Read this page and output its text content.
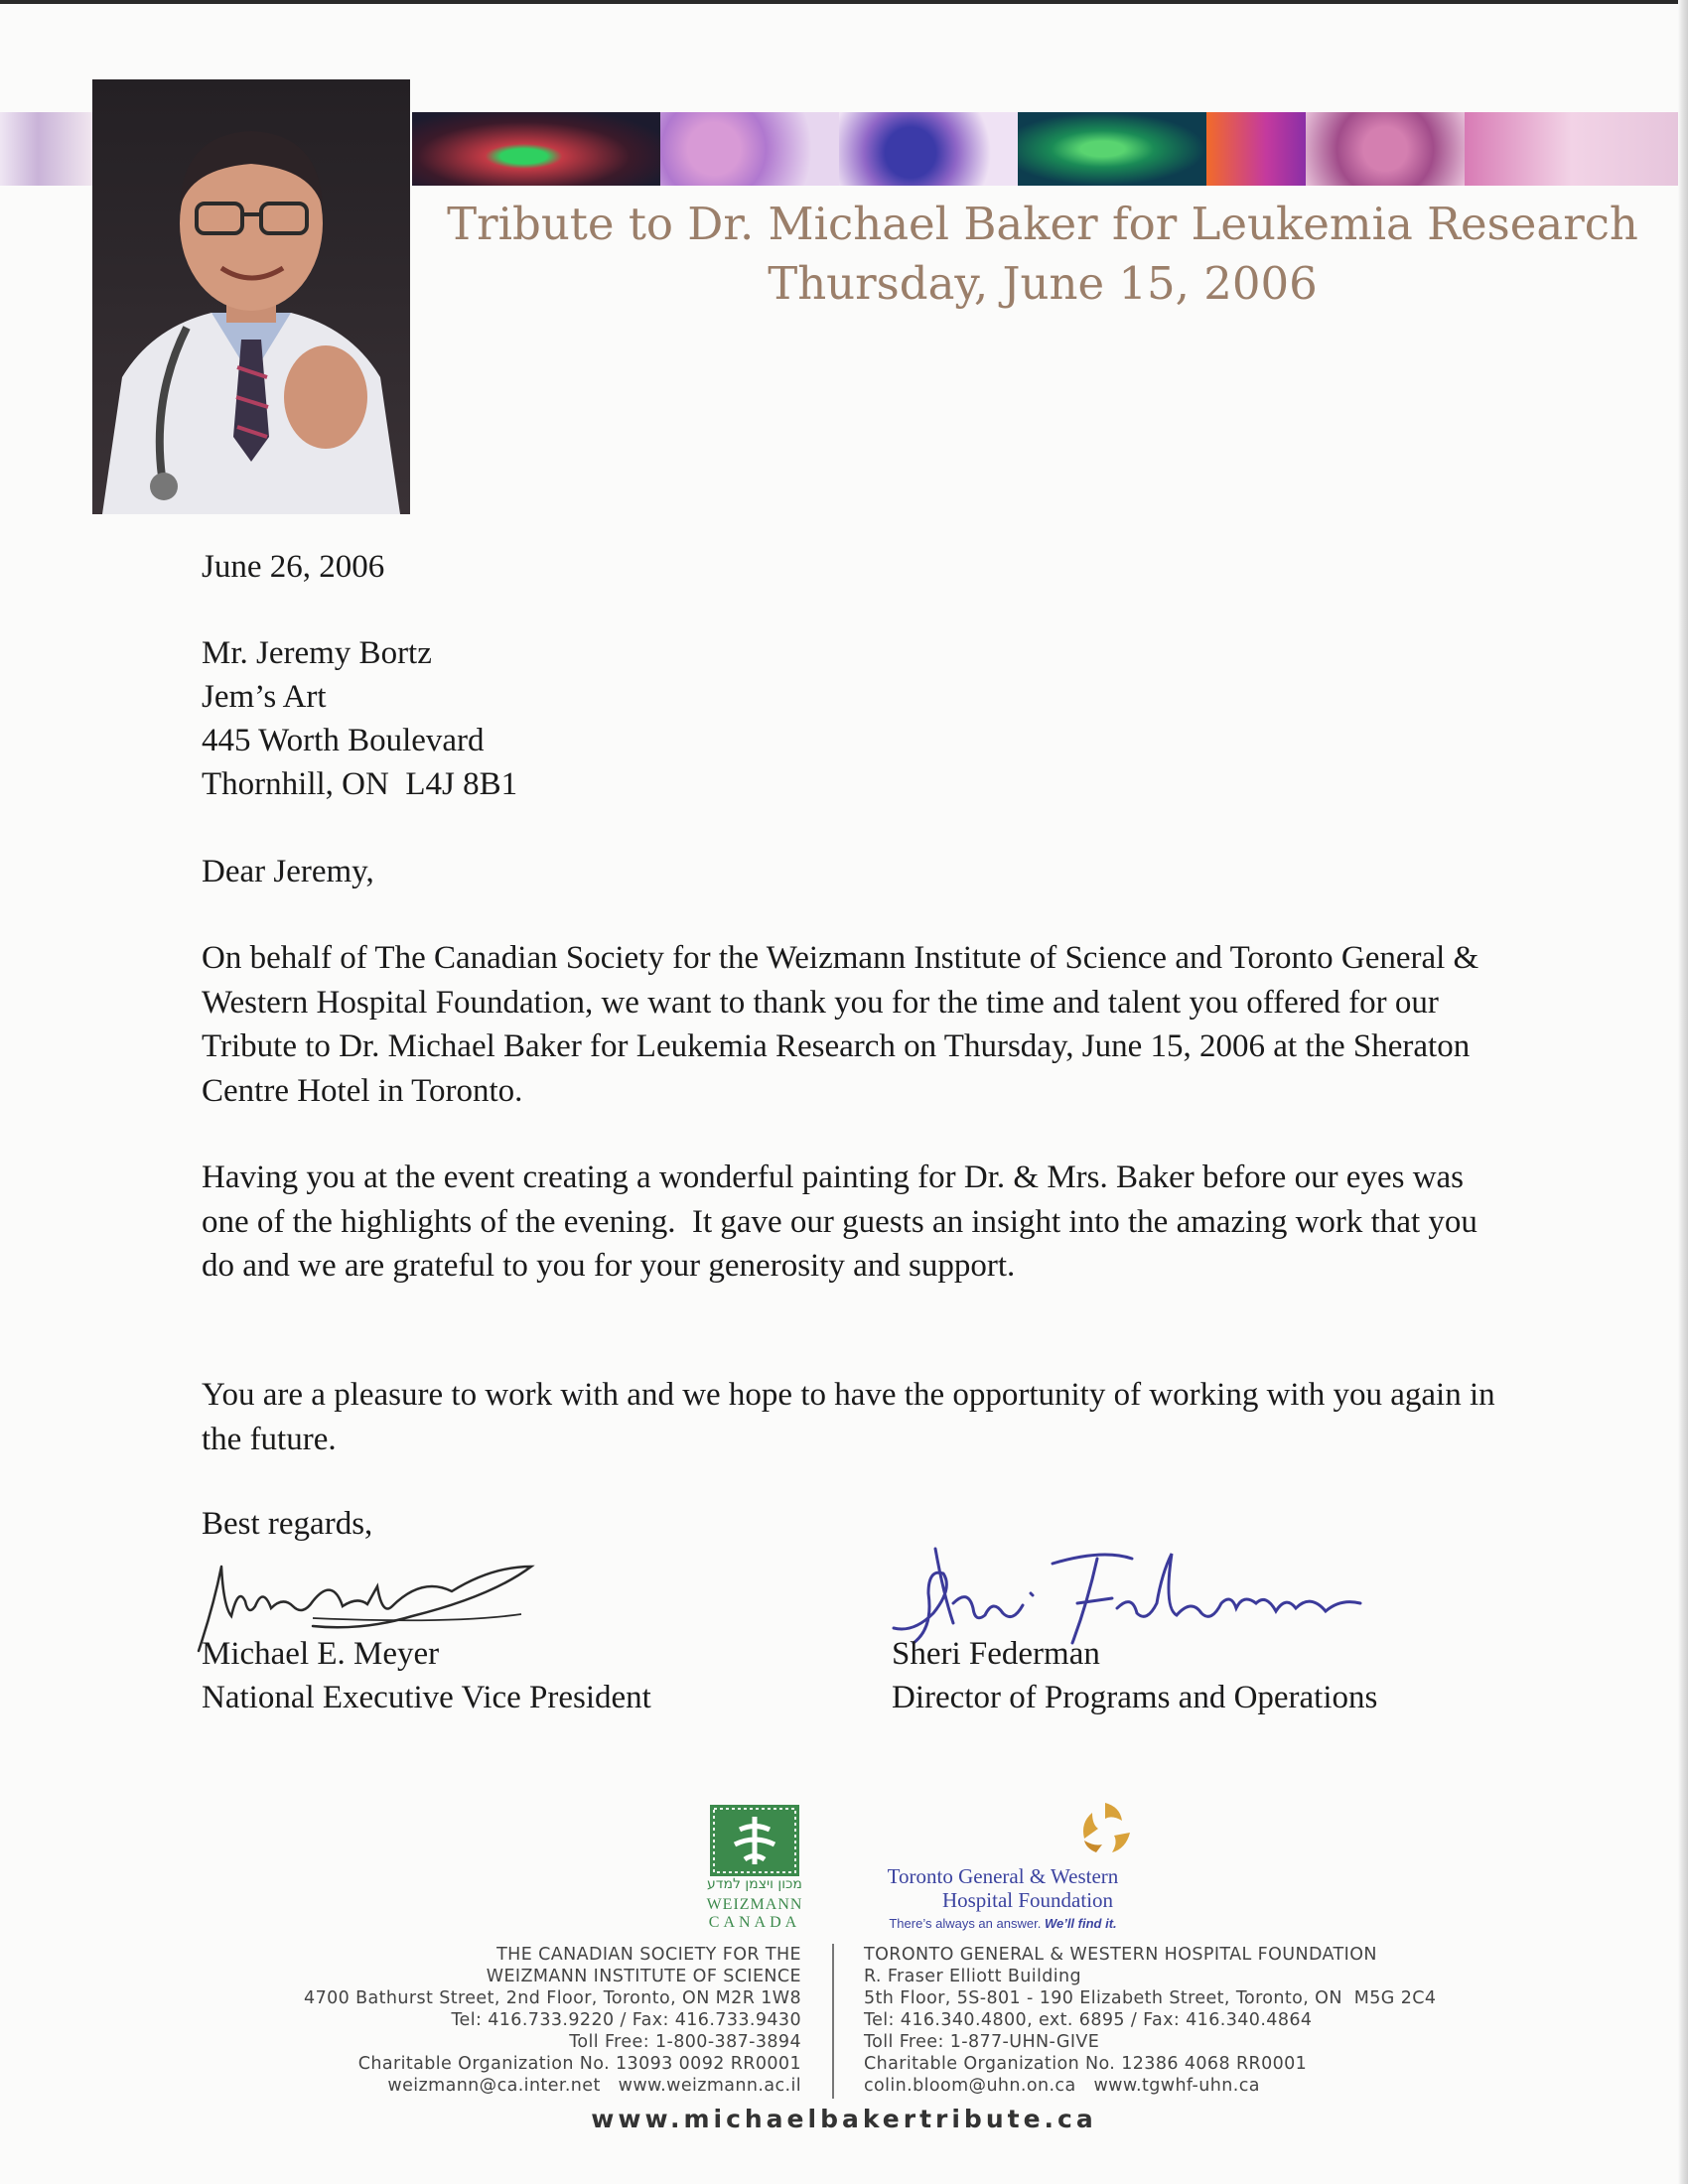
Tribute to Dr. Michael Baker for Leukemia Research
Thursday, June 15, 2006
June 26, 2006
Mr. Jeremy Bortz
Jem’s Art
445 Worth Boulevard
Thornhill, ON  L4J 8B1
Dear Jeremy,
On behalf of The Canadian Society for the Weizmann Institute of Science and Toronto General & Western Hospital Foundation, we want to thank you for the time and talent you offered for our Tribute to Dr. Michael Baker for Leukemia Research on Thursday, June 15, 2006 at the Sheraton Centre Hotel in Toronto.
Having you at the event creating a wonderful painting for Dr. & Mrs. Baker before our eyes was one of the highlights of the evening.  It gave our guests an insight into the amazing work that you do and we are grateful to you for your generosity and support.
You are a pleasure to work with and we hope to have the opportunity of working with you again in the future.
Best regards,
Michael E. Meyer
National Executive Vice President
Sheri Federman
Director of Programs and Operations
מכון ויצמן למדע
WEIZMANN
CANADA
Toronto General & Western
Hospital Foundation
There’s always an answer. We’ll find it.
THE CANADIAN SOCIETY FOR THE
WEIZMANN INSTITUTE OF SCIENCE
4700 Bathurst Street, 2nd Floor, Toronto, ON M2R 1W8
Tel: 416.733.9220 / Fax: 416.733.9430
Toll Free: 1-800-387-3894
Charitable Organization No. 13093 0092 RR0001
weizmann@ca.inter.net   www.weizmann.ac.il
TORONTO GENERAL & WESTERN HOSPITAL FOUNDATION
R. Fraser Elliott Building
5th Floor, 5S-801 - 190 Elizabeth Street, Toronto, ON  M5G 2C4
Tel: 416.340.4800, ext. 6895 / Fax: 416.340.4864
Toll Free: 1-877-UHN-GIVE
Charitable Organization No. 12386 4068 RR0001
colin.bloom@uhn.on.ca   www.tgwhf-uhn.ca
www.michaelbakertribute.ca
